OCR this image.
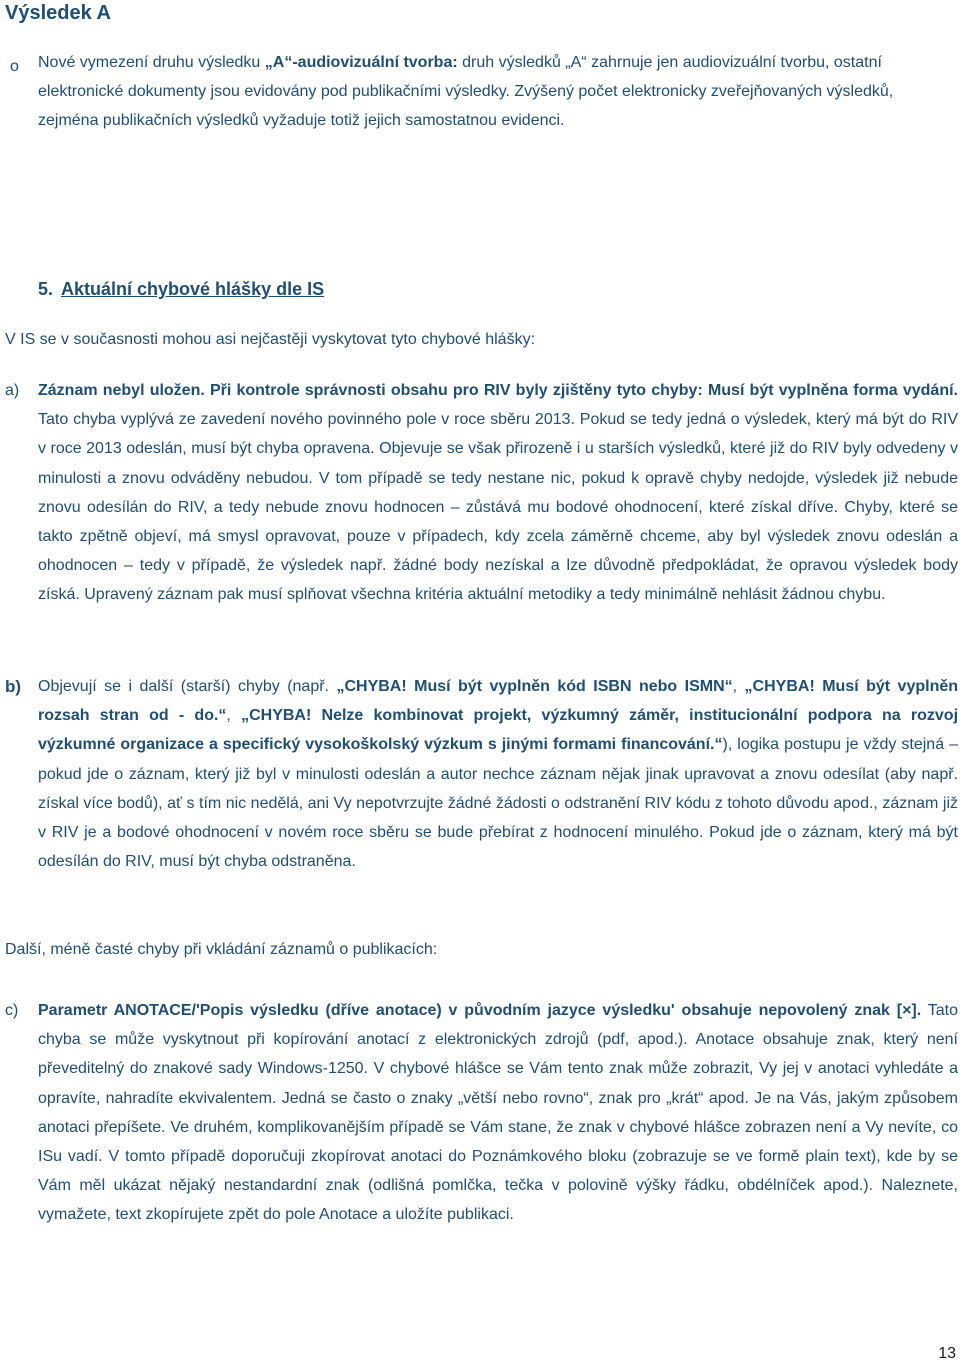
Výsledek A
o Nové vymezení druhu výsledku „A“-audiovizuální tvorba: druh výsledků „A“ zahrnuje jen audiovizuální tvorbu, ostatní elektronické dokumenty jsou evidovány pod publikačními výsledky. Zvýšený počet elektronicky zveřejňovaných výsledků, zejména publikačních výsledků vyžaduje totiž jejich samostatnou evidenci.

5. Aktuální chybové hlášky dle IS

V IS se v současnosti mohou asi nejčastěji vyskytovat tyto chybové hlášky:

a) Záznam nebyl uložen. Při kontrole správnosti obsahu pro RIV byly zjištěny tyto chyby: Musí být vyplněna forma vydání. Tato chyba vyplývá ze zavedení nového povinného pole v roce sběru 2013. Pokud se tedy jedná o výsledek, který má být do RIV v roce 2013 odeslán, musí být chyba opravena. Objevuje se však přirozeně i u starších výsledků, které již do RIV byly odvedeny v minulosti a znovu odváděny nebudou. V tom případě se tedy nestane nic, pokud k opravě chyby nedojde, výsledek již nebude znovu odesílán do RIV, a tedy nebude znovu hodnocen – zůstává mu bodové ohodnocení, které získal dříve. Chyby, které se takto zpětně objeví, má smysl opravovat, pouze v případech, kdy zcela záměrně chceme, aby byl výsledek znovu odeslán a ohodnocen – tedy v případě, že výsledek např. žádné body nezískal a lze důvodně předpokládat, že opravou výsledek body získá. Upravený záznam pak musí splňovat všechna kritéria aktuální metodiky a tedy minimálně nehlásit žádnou chybu.

b) Objevují se i další (starší) chyby (např. „CHYBA! Musí být vyplněn kód ISBN nebo ISMN“, „CHYBA! Musí být vyplněn rozsah stran od - do.“, „CHYBA! Nelze kombinovat projekt, výzkumný záměr, institucionální podpora na rozvoj výzkumné organizace a specifický vysokoškolský výzkum s jinými formami financování.“), logika postupu je vždy stejná – pokud jde o záznam, který již byl v minulosti odeslán a autor nechce záznam nějak jinak upravovat a znovu odesílat (aby např. získal více bodů), ať s tím nic nedělá, ani Vy nepotvrzujte žádné žádosti o odstranění RIV kódu z tohoto důvodu apod., záznam již v RIV je a bodové ohodnocení v novém roce sběru se bude přebírat z hodnocení minulého. Pokud jde o záznam, který má být odesílán do RIV, musí být chyba odstraněna.

Další, méně časté chyby při vkládání záznamů o publikacích:

c) Parametr ANOTACE/'Popis výsledku (dříve anotace) v původním jazyce výsledku' obsahuje nepovolený znak [×]. Tato chyba se může vyskytnout při kopírování anotací z elektronických zdrojů (pdf, apod.). Anotace obsahuje znak, který není převeditelný do znakové sady Windows-1250. V chybové hlášce se Vám tento znak může zobrazit, Vy jej v anotaci vyhledáte a opravíte, nahradíte ekvivalentem. Jedná se často o znaky „větší nebo rovno“, znak pro „krát“ apod. Je na Vás, jakým způsobem anotaci přepíšete. Ve druhém, komplikovanějším případě se Vám stane, že znak v chybové hlášce zobrazen není a Vy nevíte, co ISu vadí. V tomto případě doporučuji zkopírovat anotaci do Poznámkového bloku (zobrazuje se ve formě plain text), kde by se Vám měl ukázat nějaký nestandardní znak (odlišná pomlčka, tečka v polovině výšky řádku, obdélníček apod.). Naleznete, vymažete, text zkopírujete zpět do pole Anotace a uložíte publikaci.

13
